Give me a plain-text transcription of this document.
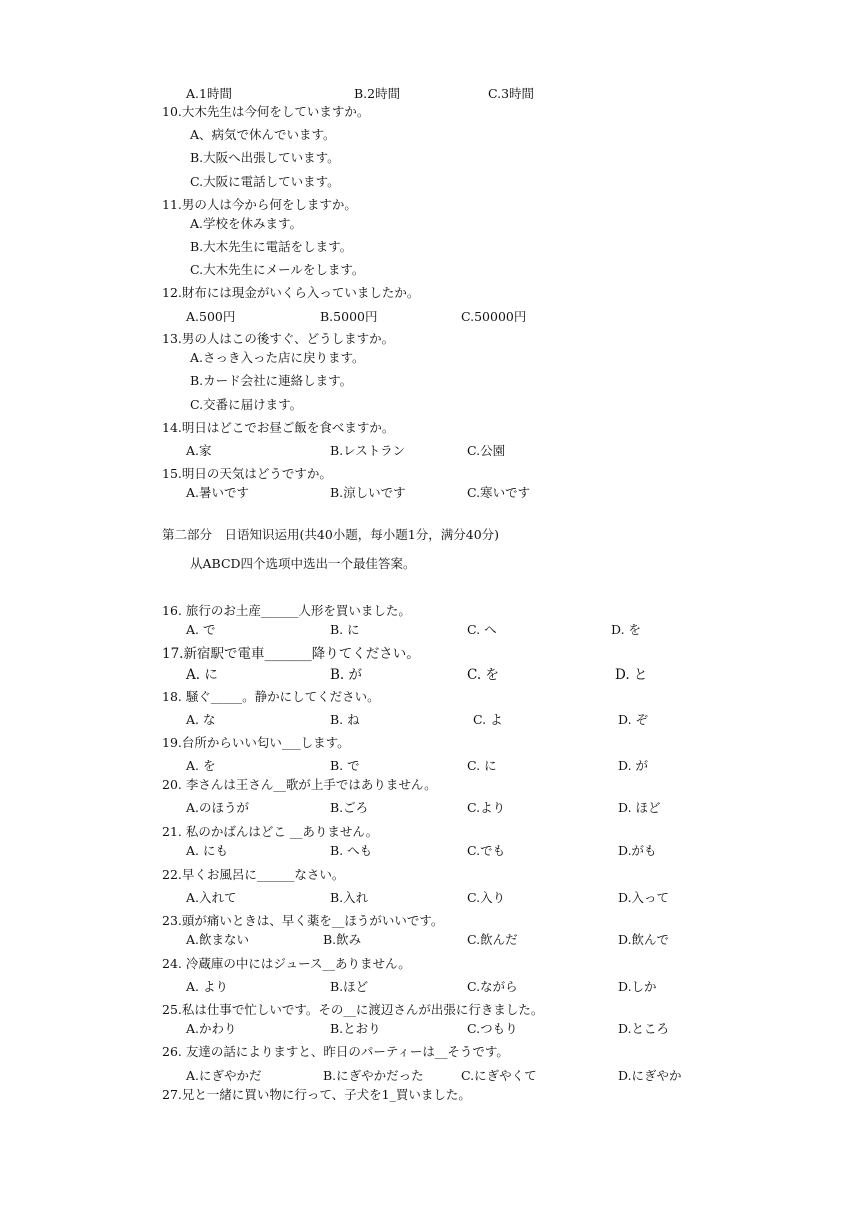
A.1時間	B.2時間	C.3時間
10.大木先生は今何をしていますか。
A、病気で休んでいます。
B.大阪へ出張しています。
C.大阪に電話しています。
11.男の人は今から何をしますか。
A.学校を休みます。
B.大木先生に電話をします。
C.大木先生にメールをします。
12.財布には現金がいくら入っていましたか。
A.500円	B.5000円	C.50000円
13.男の人はこの後すぐ、どうしますか。
A.さっき入った店に戻ります。
B.カード会社に連絡します。
C.交番に届けます。
14.明日はどこでお昼ご飯を食べますか。
A.家	B.レストラン	C.公園
15.明日の天気はどうですか。
A.暑いです	B.涼しいです	C.寒いです
第二部分　日语知识运用(共40小题，每小题1分，满分40分)
从ABCD四个选项中选出一个最佳答案。
16. 旅行のお土産______人形を買いました。
A. で	B. に	C. へ	D. を
17.新宿駅で電車_______降りてください。
A. に	B. が	C. を	D. と
18. 騒ぐ_____。静かにしてください。
A. な	B. ね	C. よ	D. ぞ
19.台所からいい匂い___します。
A. を	B. で	C. に	D. が
20. 李さんは王さん__歌が上手ではありません。
A.のほうが	B.ごろ	C.より	D. ほど
21. 私のかばんはどこ __ありません。
A. にも	B. へも	C.でも	D.がも
22.早くお風呂に______なさい。
A.入れて	B.入れ	C.入り	D.入って
23.頭が痛いときは、早く薬を__ほうがいいです。
A.飲まない	B.飲み	C.飲んだ	D.飲んで
24. 冷蔵庫の中にはジュース__ありません。
A. より	B.ほど	C.ながら	D.しか
25.私は仕事で忙しいです。その__に渡辺さんが出張に行きました。
A.かわり	B.とおり	C.つもり	D.ところ
26. 友達の話によりますと、昨日のパーティーは__そうです。
A.にぎやかだ	B.にぎやかだった	C.にぎやくて	D.にぎやか
27.兄と一緒に買い物に行って、子犬を1_買いました。
